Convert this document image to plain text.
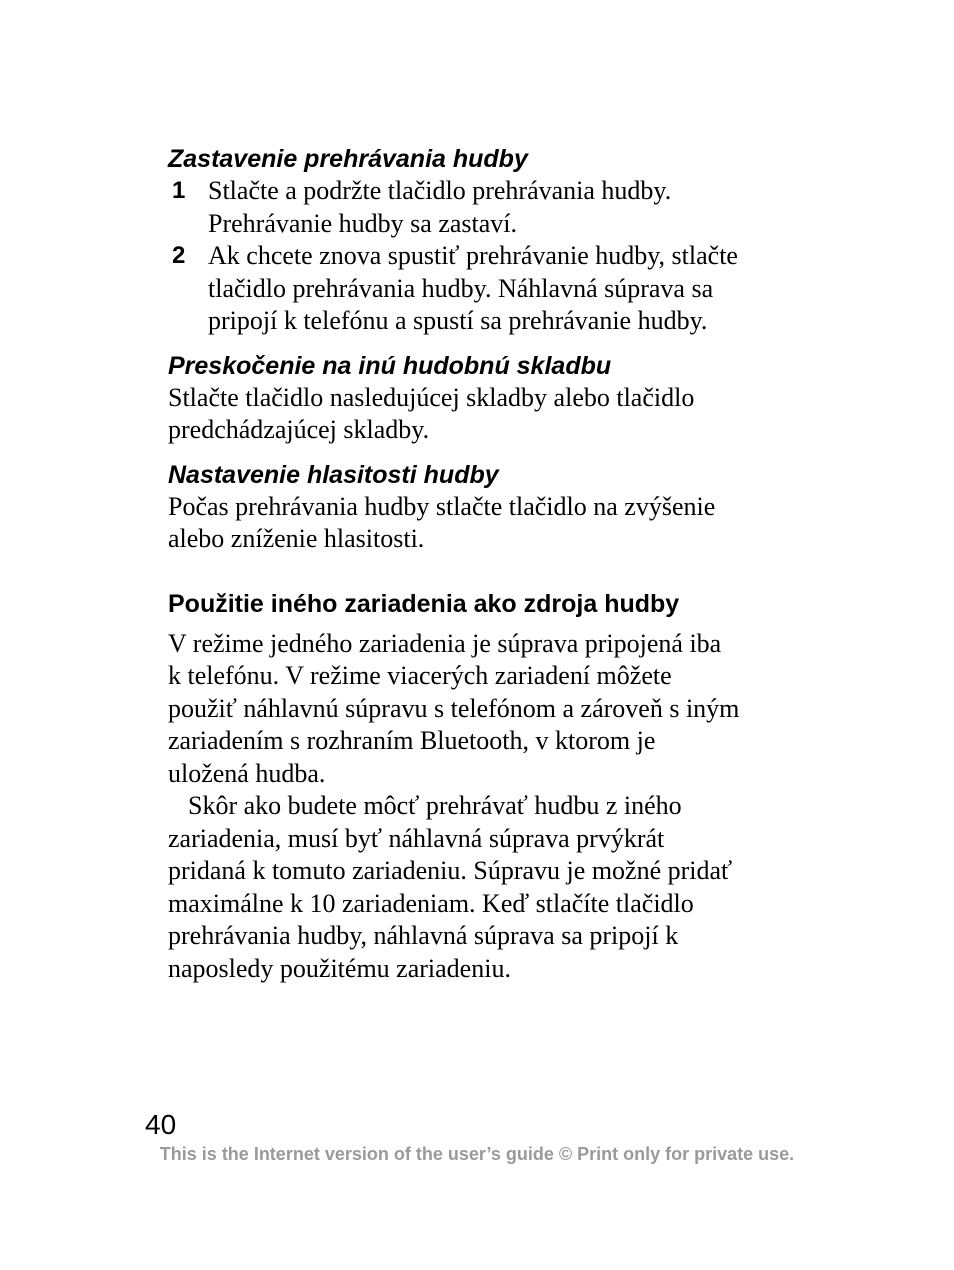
Zastavenie prehrávania hudby
1 Stlačte a podržte tlačidlo prehrávania hudby.
Prehrávanie hudby sa zastaví.
2 Ak chcete znova spustiť prehrávanie hudby, stlačte
tlačidlo prehrávania hudby. Náhlavná súprava sa
pripojí k telefónu a spustí sa prehrávanie hudby.
Preskočenie na inú hudobnú skladbu
Stlačte tlačidlo nasledujúcej skladby alebo tlačidlo
predchádzajúcej skladby.
Nastavenie hlasitosti hudby
Počas prehrávania hudby stlačte tlačidlo na zvýšenie
alebo zníženie hlasitosti.
Použitie iného zariadenia ako zdroja hudby
V režime jedného zariadenia je súprava pripojená iba
k telefónu. V režime viacerých zariadení môžete
použiť náhlavnú súpravu s telefónom a zároveň s iným
zariadením s rozhraním Bluetooth, v ktorom je
uložená hudba.
Skôr ako budete môcť prehrávať hudbu z iného
zariadenia, musí byť náhlavná súprava prvýkrát
pridaná k tomuto zariadeniu. Súpravu je možné pridať
maximálne k 10 zariadeniam. Keď stlačíte tlačidlo
prehrávania hudby, náhlavná súprava sa pripojí k
naposledy použitému zariadeniu.
40
This is the Internet version of the user’s guide © Print only for private use.
